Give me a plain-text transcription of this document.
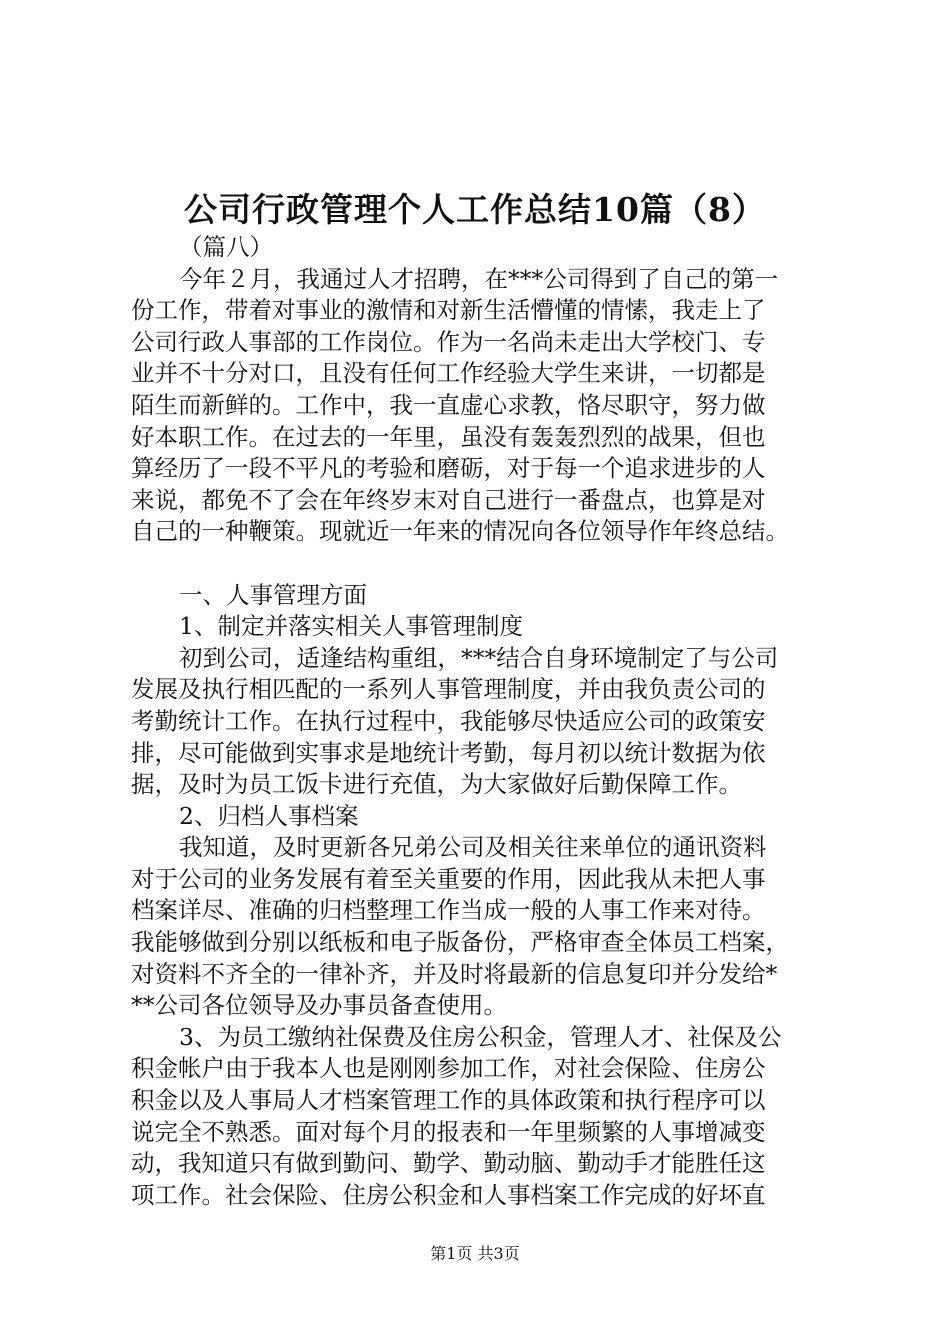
公司行政管理个人工作总结10篇（8）
（篇八）
今年２月，我通过人才招聘，在***公司得到了自己的第一
份工作，带着对事业的激情和对新生活懵懂的情愫，我走上了
公司行政人事部的工作岗位。作为一名尚未走出大学校门、专
业并不十分对口，且没有任何工作经验大学生来讲，一切都是
陌生而新鲜的。工作中，我一直虚心求教，恪尽职守，努力做
好本职工作。在过去的一年里，虽没有轰轰烈烈的战果，但也
算经历了一段不平凡的考验和磨砺，对于每一个追求进步的人
来说，都免不了会在年终岁末对自己进行一番盘点，也算是对
自己的一种鞭策。现就近一年来的情况向各位领导作年终总结。
一、人事管理方面
1、制定并落实相关人事管理制度
初到公司，适逢结构重组，***结合自身环境制定了与公司
发展及执行相匹配的一系列人事管理制度，并由我负责公司的
考勤统计工作。在执行过程中，我能够尽快适应公司的政策安
排，尽可能做到实事求是地统计考勤，每月初以统计数据为依
据，及时为员工饭卡进行充值，为大家做好后勤保障工作。
2、归档人事档案
我知道，及时更新各兄弟公司及相关往来单位的通讯资料
对于公司的业务发展有着至关重要的作用，因此我从未把人事
档案详尽、准确的归档整理工作当成一般的人事工作来对待。
我能够做到分别以纸板和电子版备份，严格审查全体员工档案，
对资料不齐全的一律补齐，并及时将最新的信息复印并分发给*
**公司各位领导及办事员备查使用。
3、为员工缴纳社保费及住房公积金，管理人才、社保及公
积金帐户由于我本人也是刚刚参加工作，对社会保险、住房公
积金以及人事局人才档案管理工作的具体政策和执行程序可以
说完全不熟悉。面对每个月的报表和一年里频繁的人事增减变
动，我知道只有做到勤问、勤学、勤动脑、勤动手才能胜任这
项工作。社会保险、住房公积金和人事档案工作完成的好坏直
第1页 共3页
